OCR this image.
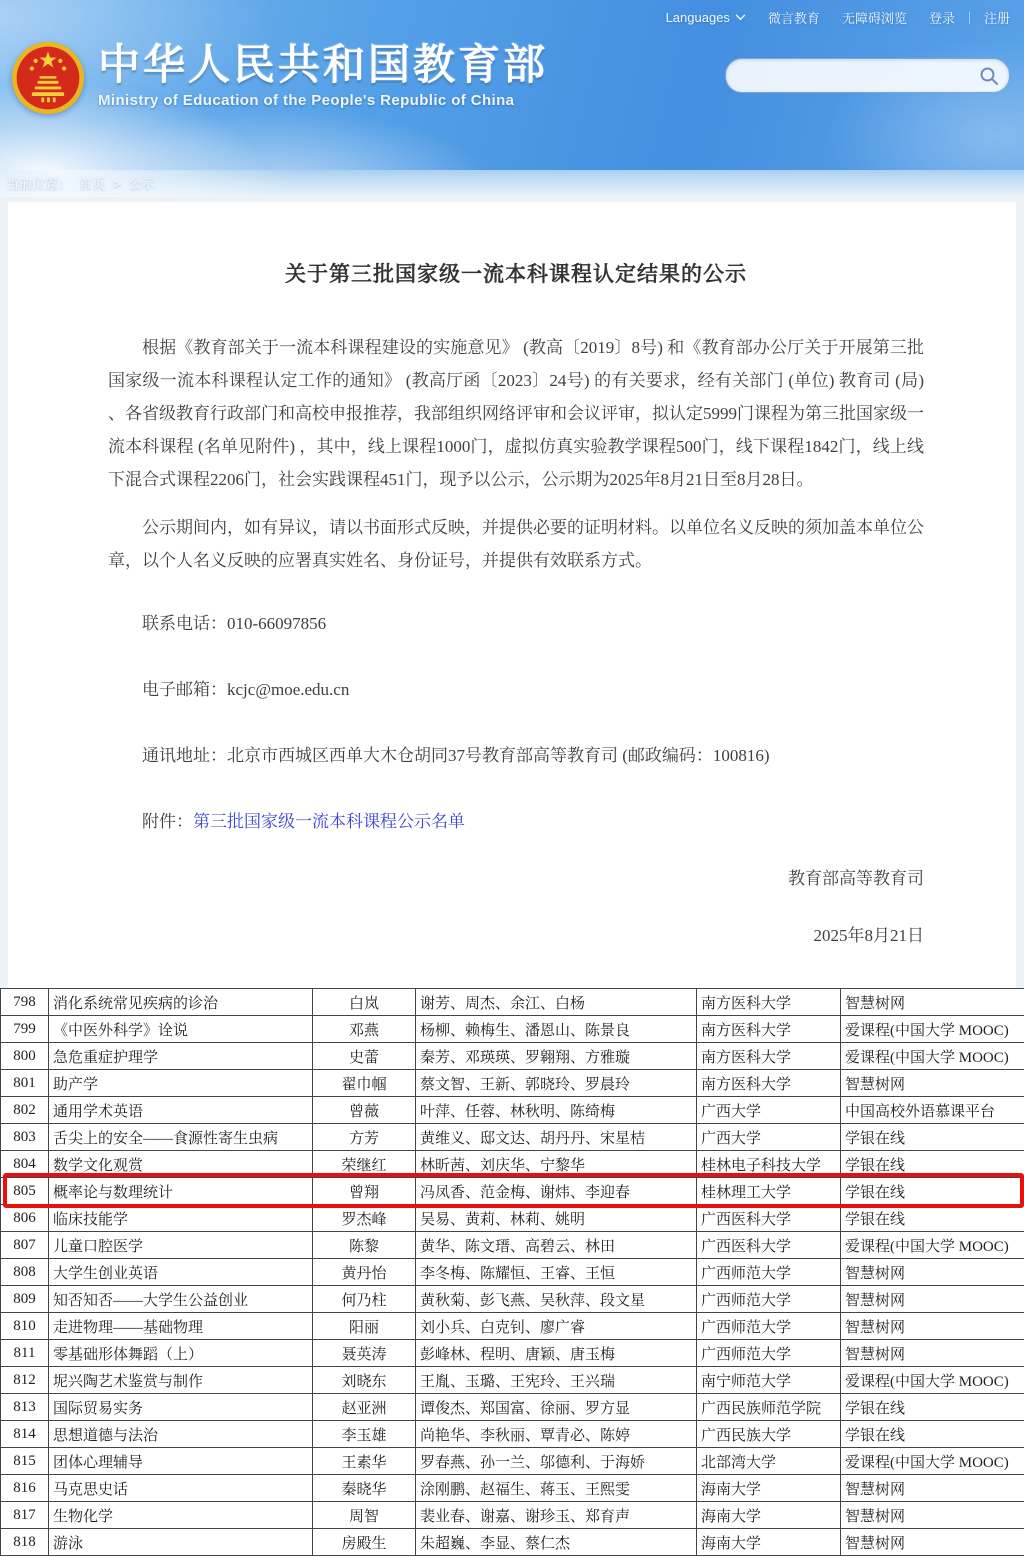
Languages	微言教育 无障碍浏览 登录 ｜ 注册
中华人民共和国教育部
Ministry of Education of the People's Republic of China
当前位置： 首页 > 公示
关于第三批国家级一流本科课程认定结果的公示

根据《教育部关于一流本科课程建设的实施意见》 (教高〔2019〕8号) 和《教育部办公厅关于开展第三批国家级一流本科课程认定工作的通知》 (教高厅函〔2023〕24号) 的有关要求，经有关部门 (单位) 教育司 (局) 、各省级教育行政部门和高校申报推荐，我部组织网络评审和会议评审，拟认定5999门课程为第三批国家级一流本科课程 (名单见附件) ，其中，线上课程1000门，虚拟仿真实验教学课程500门，线下课程1842门，线上线下混合式课程2206门，社会实践课程451门，现予以公示，公示期为2025年8月21日至8月28日。

公示期间内，如有异议，请以书面形式反映，并提供必要的证明材料。以单位名义反映的须加盖本单位公章，以个人名义反映的应署真实姓名、身份证号，并提供有效联系方式。

联系电话：010-66097856

电子邮箱：kcjc@moe.edu.cn

通讯地址：北京市西城区西单大木仓胡同37号教育部高等教育司 (邮政编码：100816)

附件：第三批国家级一流本科课程公示名单

教育部高等教育司

2025年8月21日

798	消化系统常见疾病的诊治	白岚	谢芳、周杰、余江、白杨	南方医科大学	智慧树网
799	《中医外科学》诠说	邓燕	杨柳、赖梅生、潘恩山、陈景良	南方医科大学	爱课程(中国大学 MOOC)
800	急危重症护理学	史蕾	秦芳、邓瑛瑛、罗翱翔、方雅璇	南方医科大学	爱课程(中国大学 MOOC)
801	助产学	翟巾帼	蔡文智、王新、郭晓玲、罗晨玲	南方医科大学	智慧树网
802	通用学术英语	曾薇	叶萍、任蓉、林秋明、陈绮梅	广西大学	中国高校外语慕课平台
803	舌尖上的安全——食源性寄生虫病	方芳	黄维义、邸文达、胡丹丹、宋星桔	广西大学	学银在线
804	数学文化观赏	荣继红	林昕茜、刘庆华、宁黎华	桂林电子科技大学	学银在线
805	概率论与数理统计	曾翔	冯凤香、范金梅、谢炜、李迎春	桂林理工大学	学银在线
806	临床技能学	罗杰峰	吴易、黄莉、林莉、姚明	广西医科大学	学银在线
807	儿童口腔医学	陈黎	黄华、陈文瑨、高碧云、林田	广西医科大学	爱课程(中国大学 MOOC)
808	大学生创业英语	黄丹怡	李冬梅、陈耀恒、王睿、王恒	广西师范大学	智慧树网
809	知否知否——大学生公益创业	何乃柱	黄秋菊、彭飞燕、吴秋萍、段文星	广西师范大学	智慧树网
810	走进物理——基础物理	阳丽	刘小兵、白克钊、廖广睿	广西师范大学	智慧树网
811	零基础形体舞蹈（上）	聂英涛	彭峰林、程明、唐颖、唐玉梅	广西师范大学	智慧树网
812	坭兴陶艺术鉴赏与制作	刘晓东	王胤、玉璐、王宪玲、王兴瑞	南宁师范大学	爱课程(中国大学 MOOC)
813	国际贸易实务	赵亚洲	谭俊杰、郑国富、徐丽、罗方显	广西民族师范学院	学银在线
814	思想道德与法治	李玉雄	尚艳华、李秋丽、覃青必、陈婷	广西民族大学	学银在线
815	团体心理辅导	王素华	罗春燕、孙一兰、邬德利、于海娇	北部湾大学	爱课程(中国大学 MOOC)
816	马克思史话	秦晓华	涂刚鹏、赵福生、蒋玉、王熙雯	海南大学	智慧树网
817	生物化学	周智	裴业春、谢嘉、谢珍玉、郑育声	海南大学	智慧树网
818	游泳	房殿生	朱超巍、李显、蔡仁杰	海南大学	智慧树网
